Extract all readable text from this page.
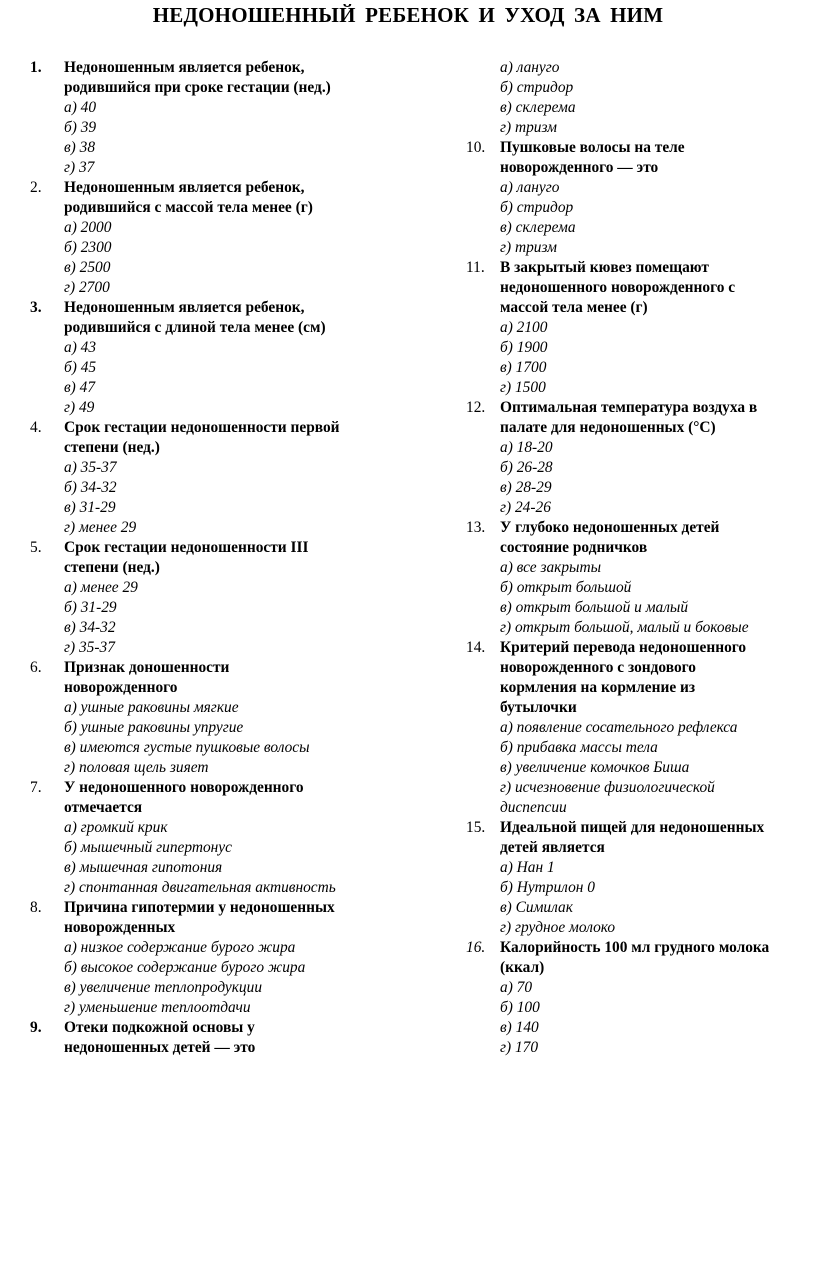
НЕДОНОШЕННЫЙ РЕБЕНОК И УХОД ЗА НИМ
1. Недоношенным является ребенок,
родившийся при сроке гестации (нед.)
а) 40
б) 39
в) 38
г) 37
2. Недоношенным является ребенок,
родившийся с массой тела менее (г)
а) 2000
б) 2300
в) 2500
г) 2700
3. Недоношенным является ребенок,
родившийся с длиной тела менее (см)
а) 43
б) 45
в) 47
г) 49
4. Срок гестации недоношенности первой
степени (нед.)
а) 35-37
б) 34-32
в) 31-29
г) менее 29
5. Срок гестации недоношенности III
степени (нед.)
а) менее 29
б) 31-29
в) 34-32
г) 35-37
6. Признак доношенности
новорожденного
а) ушные раковины мягкие
б) ушные раковины упругие
в) имеются густые пушковые волосы
г) половая щель зияет
7. У недоношенного новорожденного
отмечается
а) громкий крик
б) мышечный гипертонус
в) мышечная гипотония
г) спонтанная двигательная активность
8. Причина гипотермии у недоношенных
новорожденных
а) низкое содержание бурого жира
б) высокое содержание бурого жира
в) увеличение теплопродукции
г) уменьшение теплоотдачи
9. Отеки подкожной основы у
недоношенных детей — это
а) лануго
б) стридор
в) склерема
г) тризм
10. Пушковые волосы на теле
новорожденного — это
а) лануго
б) стридор
в) склерема
г) тризм
11. В закрытый кювез помещают
недоношенного новорожденного с
массой тела менее (г)
а) 2100
б) 1900
в) 1700
г) 1500
12. Оптимальная температура воздуха в
палате для недоношенных (°С)
а) 18-20
б) 26-28
в) 28-29
г) 24-26
13. У глубоко недоношенных детей
состояние родничков
а) все закрыты
б) открыт большой
в) открыт большой и малый
г) открыт большой, малый и боковые
14. Критерий перевода недоношенного
новорожденного с зондового
кормления на кормление из
бутылочки
а) появление сосательного рефлекса
б) прибавка массы тела
в) увеличение комочков Биша
г) исчезновение физиологической
диспепсии
15. Идеальной пищей для недоношенных
детей является
а) Нан 1
б) Нутрилон 0
в) Симилак
г) грудное молоко
16. Калорийность 100 мл грудного молока
(ккал)
а) 70
б) 100
в) 140
г) 170
